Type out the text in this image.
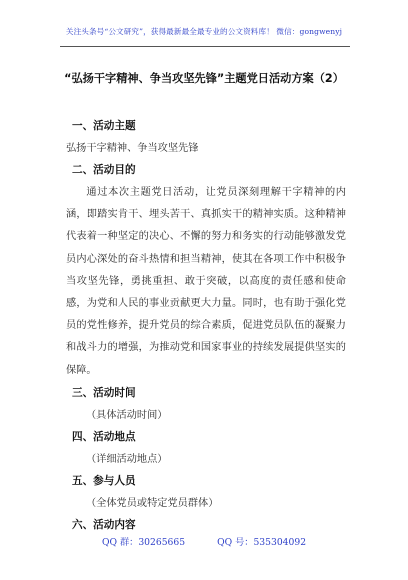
关注头条号“公文研究”，获得最新最全最专业的公文资料库！ 微信：gongwenyj
“弘扬干字精神、争当攻坚先锋”主题党日活动方案（2）
一、活动主题
弘扬干字精神、争当攻坚先锋
二、活动目的
通过本次主题党日活动，让党员深刻理解干字精神的内涵，即踏实肯干、埋头苦干、真抓实干的精神实质。这种精神代表着一种坚定的决心、不懈的努力和务实的行动能够激发党员内心深处的奋斗热情和担当精神，使其在各项工作中积极争当攻坚先锋，勇挑重担、敢于突破，以高度的责任感和使命感，为党和人民的事业贡献更大力量。同时，也有助于强化党员的党性修养，提升党员的综合素质，促进党员队伍的凝聚力和战斗力的增强，为推动党和国家事业的持续发展提供坚实的保障。
三、活动时间
（具体活动时间）
四、活动地点
（详细活动地点）
五、参与人员
（全体党员或特定党员群体）
六、活动内容
QQ 群：30265665	QQ 号：535304092
